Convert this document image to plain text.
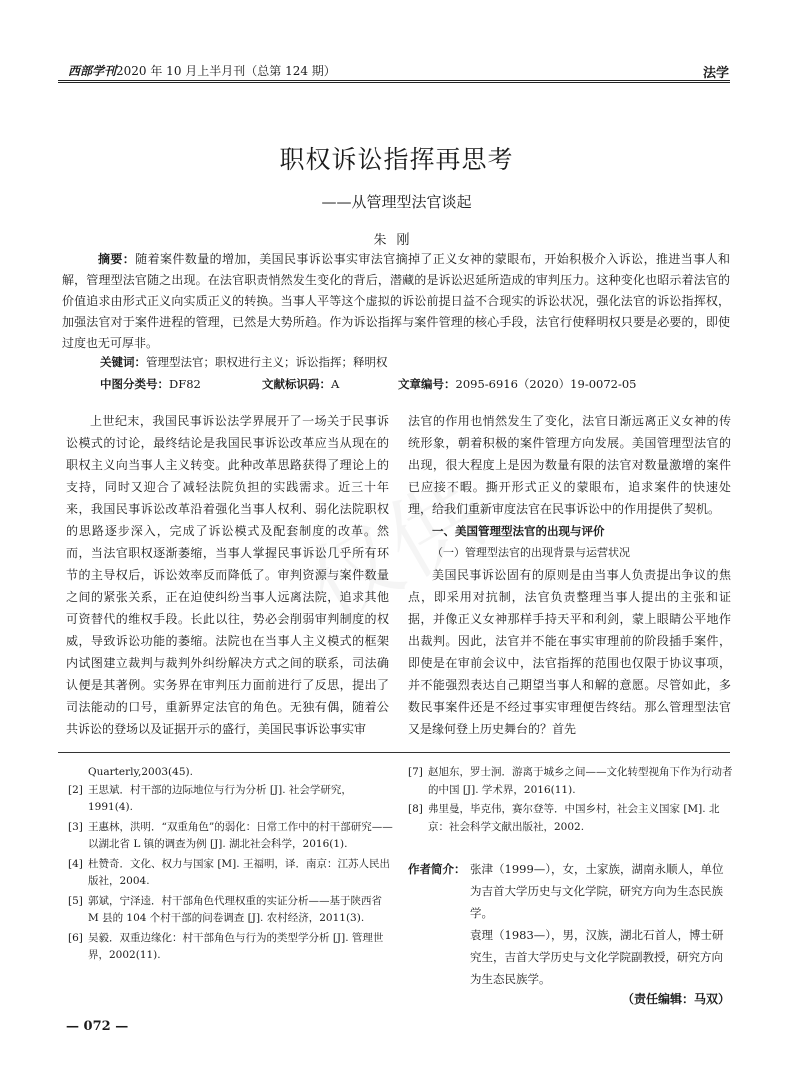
西部学刊2020 年 10 月上半月刊（总第 124 期）	法学
职权诉讼指挥再思考
——从管理型法官谈起
朱刚
摘要：随着案件数量的增加，美国民事诉讼事实审法官摘掉了正义女神的蒙眼布，开始积极介入诉讼，推进当事人和解，管理型法官随之出现。在法官职责悄然发生变化的背后，潜藏的是诉讼迟延所造成的审判压力。这种变化也昭示着法官的价值追求由形式正义向实质正义的转换。当事人平等这个虚拟的诉讼前提日益不合现实的诉讼状况，强化法官的诉讼指挥权，加强法官对于案件进程的管理，已然是大势所趋。作为诉讼指挥与案件管理的核心手段，法官行使释明权只要是必要的，即使过度也无可厚非。
关键词：管理型法官；职权进行主义；诉讼指挥；释明权
中图分类号：DF82	文献标识码：A	文章编号：2095-6916（2020）19-0072-05

上世纪末，我国民事诉讼法学界展开了一场关于民事诉讼模式的讨论，最终结论是我国民事诉讼改革应当从现在的职权主义向当事人主义转变。此种改革思路获得了理论上的支持，同时又迎合了减轻法院负担的实践需求。近三十年来，我国民事诉讼改革沿着强化当事人权利、弱化法院职权的思路逐步深入，完成了诉讼模式及配套制度的改革。然而，当法官职权逐渐萎缩，当事人掌握民事诉讼几乎所有环节的主导权后，诉讼效率反而降低了。审判资源与案件数量之间的紧张关系，正在迫使纠纷当事人远离法院，追求其他可资替代的维权手段。长此以往，势必会削弱审判制度的权威，导致诉讼功能的萎缩。法院也在当事人主义模式的框架内试图建立裁判与裁判外纠纷解决方式之间的联系，司法确认便是其著例。实务界在审判压力面前进行了反思，提出了司法能动的口号，重新界定法官的角色。无独有偶，随着公共诉讼的登场以及证据开示的盛行，美国民事诉讼事实审

法官的作用也悄然发生了变化，法官日渐远离正义女神的传统形象，朝着积极的案件管理方向发展。美国管理型法官的出现，很大程度上是因为数量有限的法官对数量激增的案件已应接不暇。撕开形式正义的蒙眼布，追求案件的快速处理，给我们重新审度法官在民事诉讼中的作用提供了契机。

一、美国管理型法官的出现与评价

（一）管理型法官的出现背景与运营状况

美国民事诉讼固有的原则是由当事人负责提出争议的焦点，即采用对抗制，法官负责整理当事人提出的主张和证据，并像正义女神那样手持天平和利剑，蒙上眼睛公平地作出裁判。因此，法官并不能在事实审理前的阶段插手案件，即使是在审前会议中，法官指挥的范围也仅限于协议事项，并不能强烈表达自己期望当事人和解的意愿。尽管如此，多数民事案件还是不经过事实审理便告终结。那么管理型法官又是缘何登上历史舞台的？首先

Quarterly,2003(45).
[2] 王思斌．村干部的边际地位与行为分析 [J]. 社会学研究，1991(4).
[3] 王惠林，洪明．“双重角色”的弱化：日常工作中的村干部研究——以湖北省 L 镇的调查为例 [J]. 湖北社会科学，2016(1).
[4] 杜赞奇．文化、权力与国家 [M]. 王福明，译．南京：江苏人民出版社，2004.
[5] 郭斌，宁泽逵．村干部角色代理权重的实证分析——基于陕西省 M 县的 104 个村干部的问卷调查 [J]. 农村经济，2011(3).
[6] 吴毅．双重边缘化：村干部角色与行为的类型学分析 [J]. 管理世界，2002(11).
[7] 赵旭东，罗士泂．游离于城乡之间——文化转型视角下作为行动者的中国 [J]. 学术界，2016(11).
[8] 弗里曼，毕克伟，赛尔登等．中国乡村，社会主义国家 [M]. 北京：社会科学文献出版社，2002.
作者简介： 张津（1999—），女，土家族，湖南永顺人，单位为吉首大学历史与文化学院，研究方向为生态民族学。
袁理（1983—），男，汉族，湖北石首人，博士研究生，吉首大学历史与文化学院副教授，研究方向为生态民族学。
（责任编辑：马双）
— 072 —
